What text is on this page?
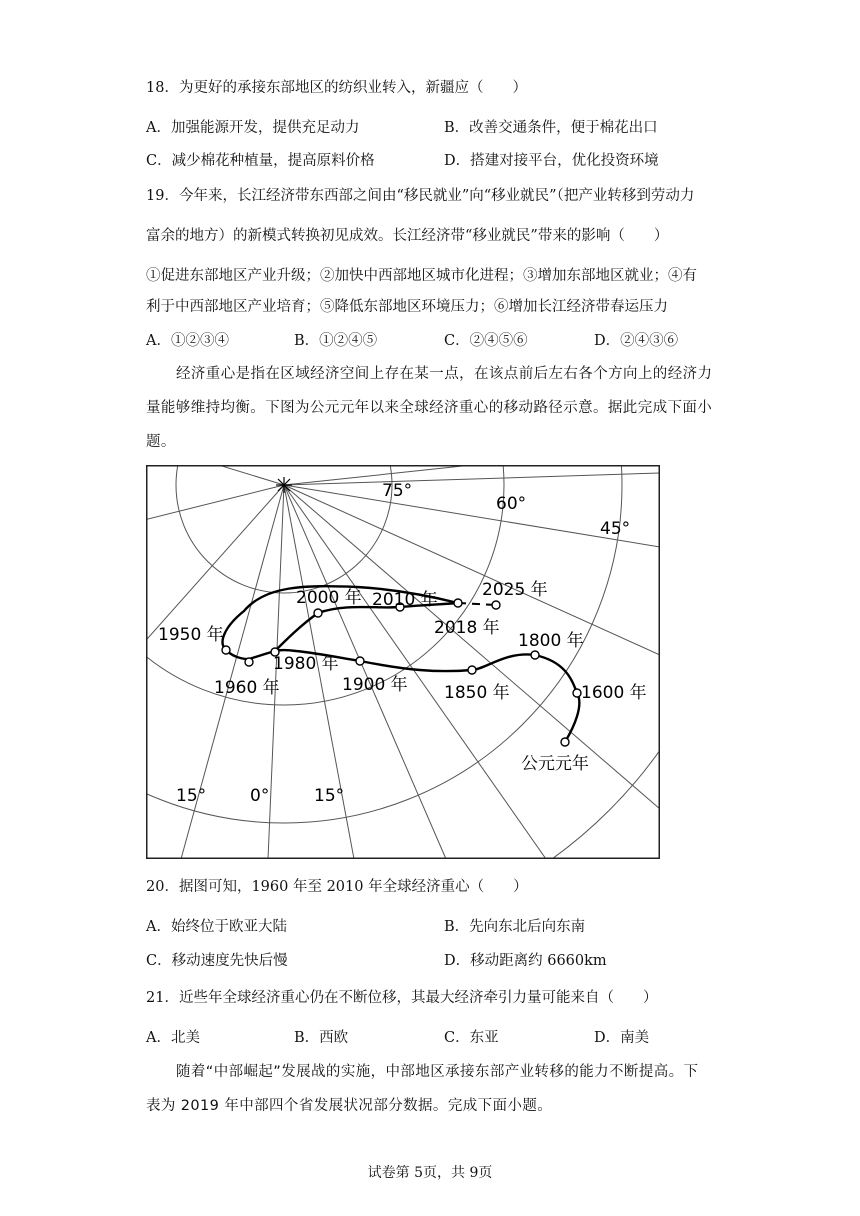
18．为更好的承接东部地区的纺织业转入，新疆应（　　）
A．加强能源开发，提供充足动力	B．改善交通条件，便于棉花出口
C．减少棉花种植量，提高原料价格	D．搭建对接平台，优化投资环境
19．今年来，长江经济带东西部之间由“移民就业”向“移业就民”（把产业转移到劳动力
富余的地方）的新模式转换初见成效。长江经济带“移业就民”带来的影响（　　）
①促进东部地区产业升级；②加快中西部地区城市化进程；③增加东部地区就业；④有
利于中西部地区产业培育；⑤降低东部地区环境压力；⑥增加长江经济带春运压力
A．①②③④	B．①②④⑤	C．②④⑤⑥	D．②④③⑥
经济重心是指在区域经济空间上存在某一点，在该点前后左右各个方向上的经济力
量能够维持均衡。下图为公元元年以来全球经济重心的移动路径示意。据此完成下面小
题。
75°
60°
45°
15°	0°	15°
公元元年
1600 年
1800 年
1850 年
1900 年
1950 年
1960 年
1980 年
2000 年 2010 年
2018 年
2025 年
20．据图可知，1960 年至 2010 年全球经济重心（　　）
A．始终位于欧亚大陆	B．先向东北后向东南
C．移动速度先快后慢	D．移动距离约 6660km
21．近些年全球经济重心仍在不断位移，其最大经济牵引力量可能来自（　　）
A．北美	B．西欧	C．东亚	D．南美
随着“中部崛起”发展战的实施，中部地区承接东部产业转移的能力不断提高。下
表为 2019 年中部四个省发展状况部分数据。完成下面小题。
试卷第 5页，共 9页
